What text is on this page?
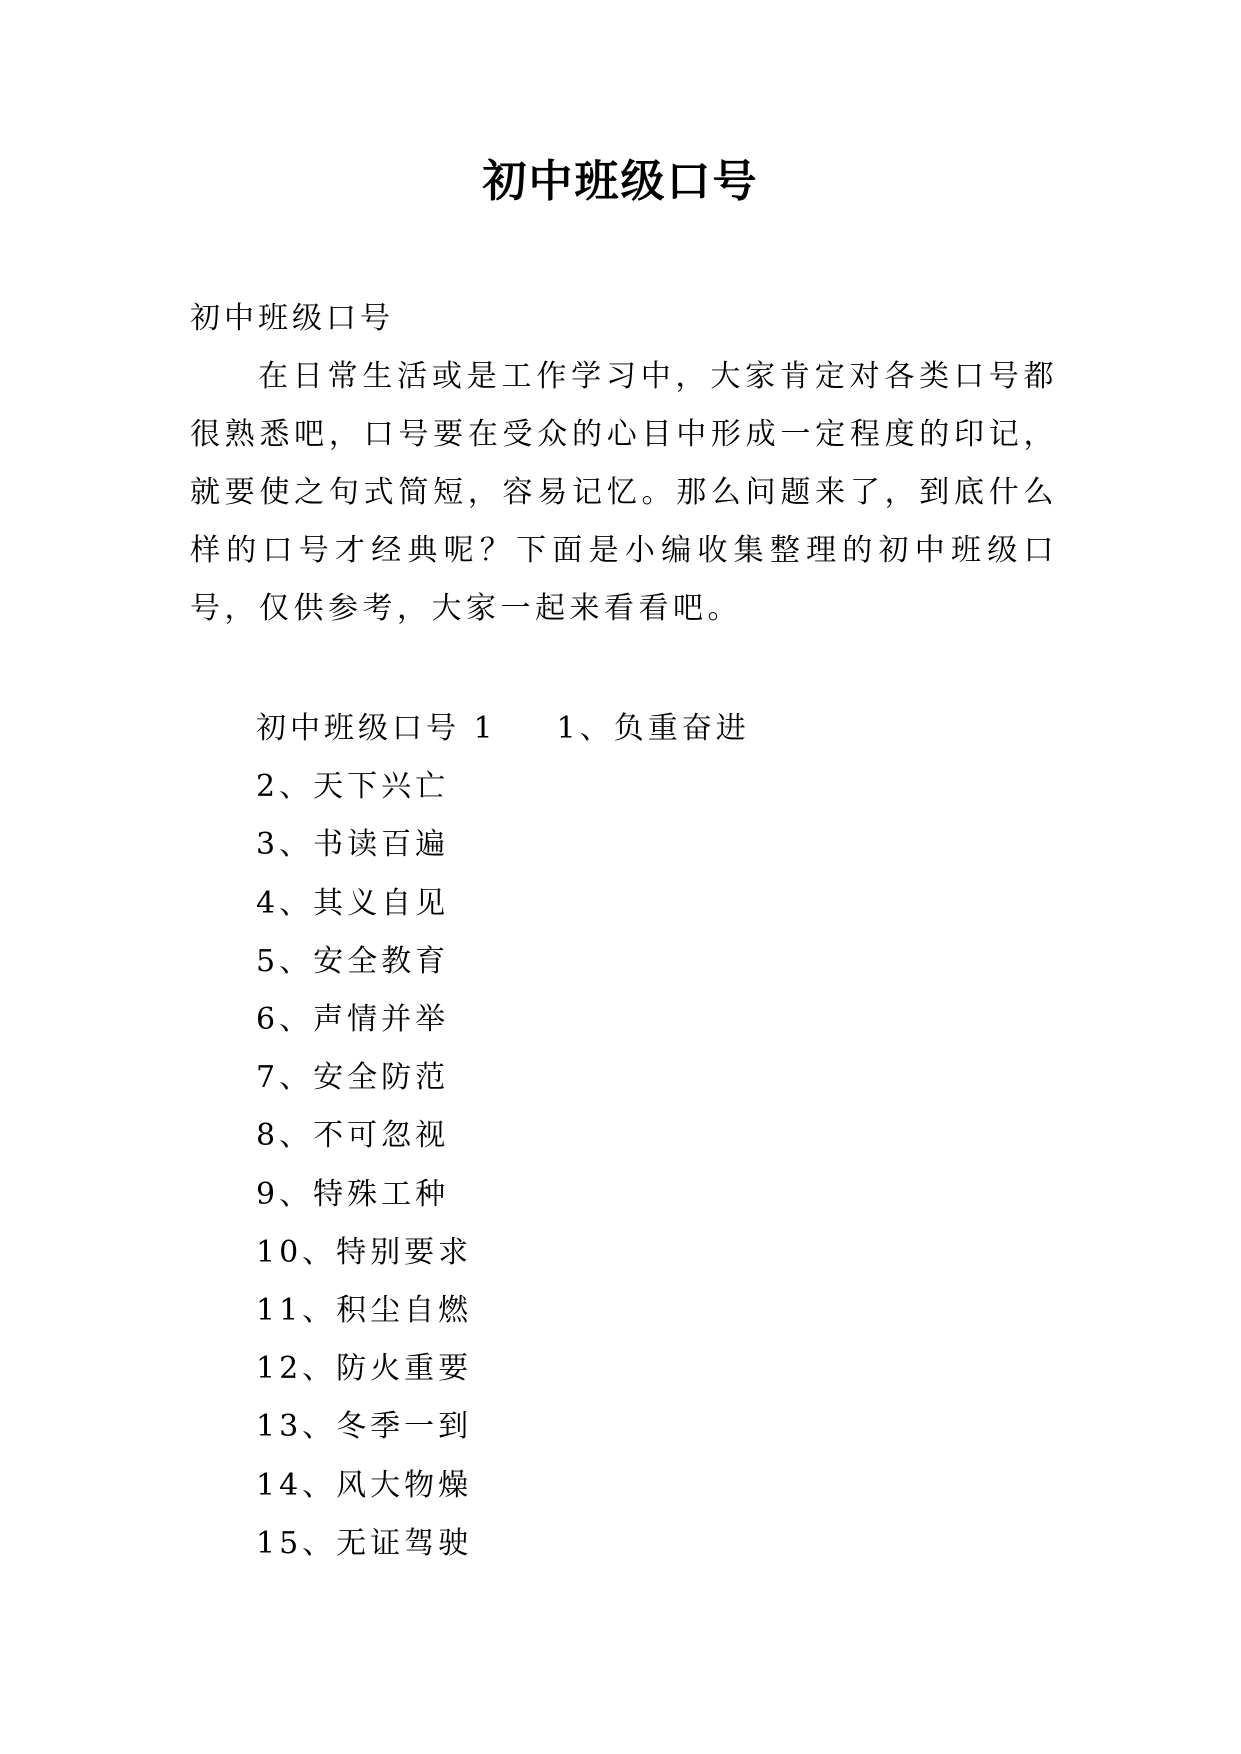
初中班级口号
初中班级口号

在日常生活或是工作学习中，大家肯定对各类口号都很熟悉吧，口号要在受众的心目中形成一定程度的印记，就要使之句式简短，容易记忆。那么问题来了，到底什么样的口号才经典呢？下面是小编收集整理的初中班级口号，仅供参考，大家一起来看看吧。

初中班级口号 1 1、负重奋进
2、天下兴亡
3、书读百遍
4、其义自见
5、安全教育
6、声情并举
7、安全防范
8、不可忽视
9、特殊工种
10、特别要求
11、积尘自燃
12、防火重要
13、冬季一到
14、风大物燥
15、无证驾驶
